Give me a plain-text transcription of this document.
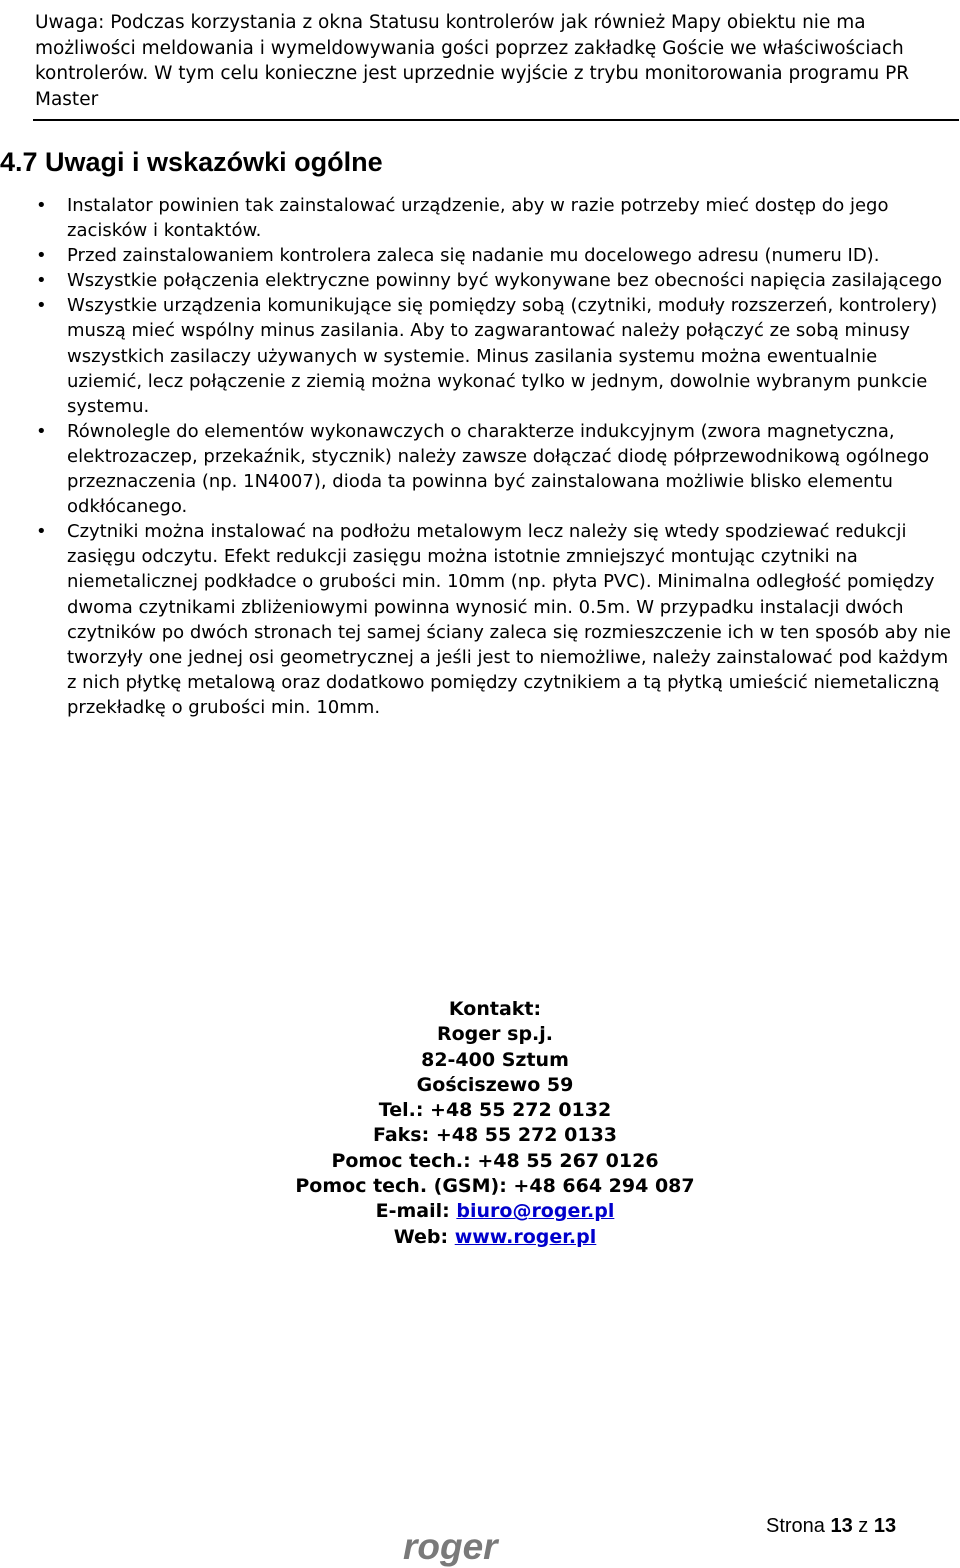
Uwaga: Podczas korzystania z okna Statusu kontrolerów jak również Mapy obiektu nie ma możliwości meldowania i wymeldowywania gości poprzez zakładkę Goście we właściwościach kontrolerów. W tym celu konieczne jest uprzednie wyjście z trybu monitorowania programu PR Master
4.7 Uwagi i wskazówki ogólne
• Instalator powinien tak zainstalować urządzenie, aby w razie potrzeby mieć dostęp do jego zacisków i kontaktów.
• Przed zainstalowaniem kontrolera zaleca się nadanie mu docelowego adresu (numeru ID).
• Wszystkie połączenia elektryczne powinny być wykonywane bez obecności napięcia zasilającego
• Wszystkie urządzenia komunikujące się pomiędzy sobą (czytniki, moduły rozszerzeń, kontrolery) muszą mieć wspólny minus zasilania. Aby to zagwarantować należy połączyć ze sobą minusy wszystkich zasilaczy używanych w systemie. Minus zasilania systemu można ewentualnie uziemić, lecz połączenie z ziemią można wykonać tylko w jednym, dowolnie wybranym punkcie systemu.
• Równolegle do elementów wykonawczych o charakterze indukcyjnym (zwora magnetyczna, elektrozaczep, przekaźnik, stycznik) należy zawsze dołączać diodę półprzewodnikową ogólnego przeznaczenia (np. 1N4007), dioda ta powinna być zainstalowana możliwie blisko elementu odkłócanego.
• Czytniki można instalować na podłożu metalowym lecz należy się wtedy spodziewać redukcji zasięgu odczytu. Efekt redukcji zasięgu można istotnie zmniejszyć montując czytniki na niemetalicznej podkładce o grubości min. 10mm (np. płyta PVC). Minimalna odległość pomiędzy dwoma czytnikami zbliżeniowymi powinna wynosić min. 0.5m. W przypadku instalacji dwóch czytników po dwóch stronach tej samej ściany zaleca się rozmieszczenie ich w ten sposób aby nie tworzyły one jednej osi geometrycznej a jeśli jest to niemożliwe, należy zainstalować pod każdym z nich płytkę metalową oraz dodatkowo pomiędzy czytnikiem a tą płytką umieścić niemetaliczną przekładkę o grubości min. 10mm.
Kontakt:
Roger sp.j.
82-400 Sztum
Gościszewo 59
Tel.: +48 55 272 0132
Faks: +48 55 272 0133
Pomoc tech.: +48 55 267 0126
Pomoc tech. (GSM): +48 664 294 087
E-mail: biuro@roger.pl
Web: www.roger.pl
Strona 13 z 13
roger
